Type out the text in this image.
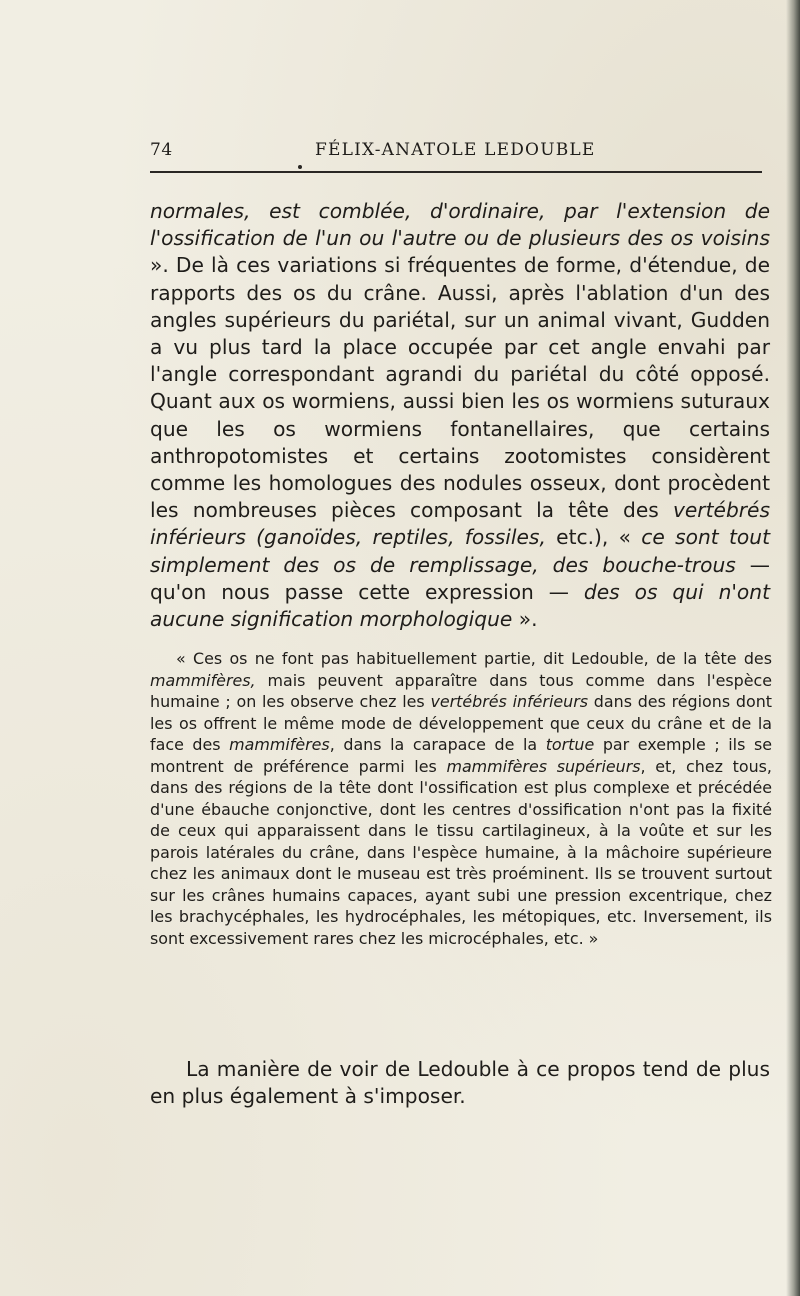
74	FÉLIX-ANATOLE LEDOUBLE

normales, est comblée, d'ordinaire, par l'extension de l'ossification de l'un ou l'autre ou de plusieurs des os voisins ». De là ces variations si fréquentes de forme, d'étendue, de rapports des os du crâne. Aussi, après l'ablation d'un des angles supérieurs du pariétal, sur un animal vivant, Gudden a vu plus tard la place occupée par cet angle envahi par l'angle correspondant agrandi du pariétal du côté opposé. Quant aux os wormiens, aussi bien les os wormiens suturaux que les os wormiens fontanellaires, que certains anthropotomistes et certains zootomistes considèrent comme les homologues des nodules osseux, dont procèdent les nombreuses pièces composant la tête des vertébrés inférieurs (ganoïdes, reptiles, fossiles, etc.), « ce sont tout simplement des os de remplissage, des bouche-trous — qu'on nous passe cette expression — des os qui n'ont aucune signification morphologique ».

« Ces os ne font pas habituellement partie, dit Ledouble, de la tête des mammifères, mais peuvent apparaître dans tous comme dans l'espèce humaine ; on les observe chez les vertébrés inférieurs dans des régions dont les os offrent le même mode de développement que ceux du crâne et de la face des mammifères, dans la carapace de la tortue par exemple ; ils se montrent de préférence parmi les mammifères supérieurs, et, chez tous, dans des régions de la tête dont l'ossification est plus complexe et précédée d'une ébauche conjonctive, dont les centres d'ossification n'ont pas la fixité de ceux qui apparaissent dans le tissu cartilagineux, à la voûte et sur les parois latérales du crâne, dans l'espèce humaine, à la mâchoire supérieure chez les animaux dont le museau est très proéminent. Ils se trouvent surtout sur les crânes humains capaces, ayant subi une pression excentrique, chez les brachycéphales, les hydrocéphales, les métopiques, etc. Inversement, ils sont excessivement rares chez les microcéphales, etc. »

La manière de voir de Ledouble à ce propos tend de plus en plus également à s'imposer.
